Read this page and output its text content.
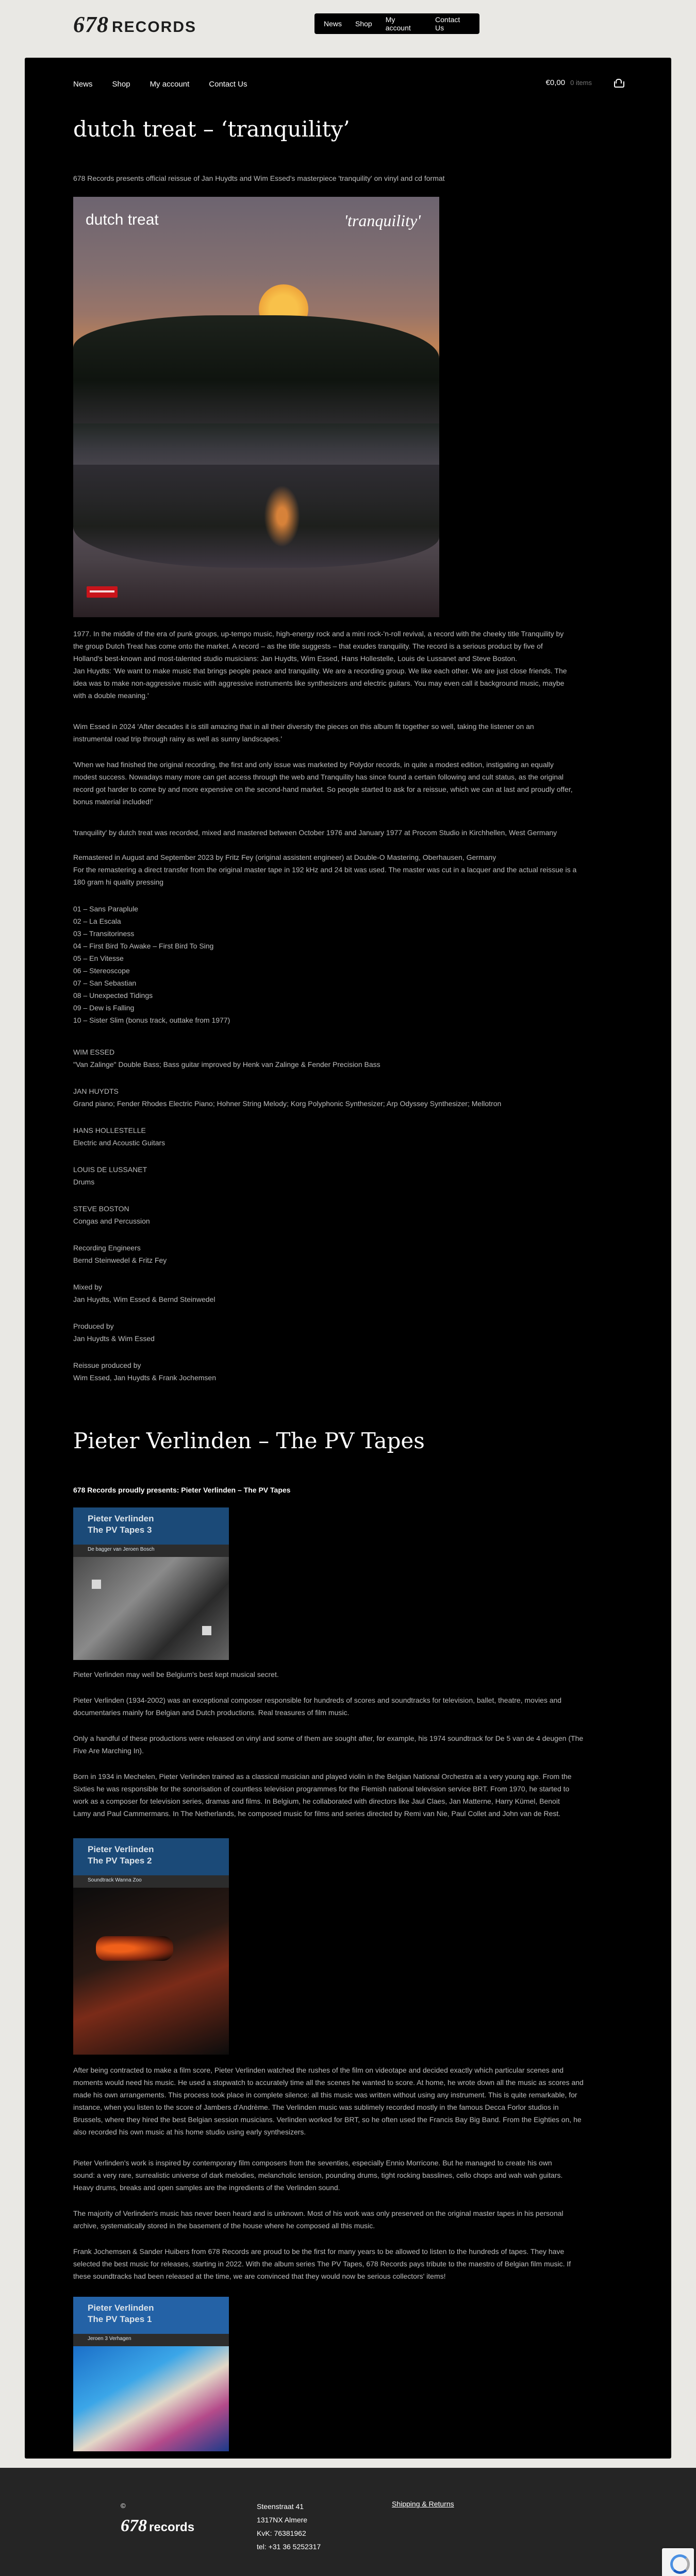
678 RECORDS	News	Shop	My account
Contact Us
News	Shop	My account	Contact Us	€0,00 0 items
dutch treat – ‘tranquility’

678 Records presents official reissue of Jan Huydts and Wim Essed's masterpiece 'tranquility' on vinyl and cd format

dutch treat	'tranquility'
1977. In the middle of the era of punk groups, up-tempo music, high-energy rock and a mini rock-'n-roll revival, a record with the cheeky title Tranquility by
the group Dutch Treat has come onto the market. A record – as the title suggests – that exudes tranquility. The record is a serious product by five of
Holland's best-known and most-talented studio musicians: Jan Huydts, Wim Essed, Hans Hollestelle, Louis de Lussanet and Steve Boston.
Jan Huydts: 'We want to make music that brings people peace and tranquility. We are a recording group. We like each other. We are just close friends. The
idea was to make non-aggressive music with aggressive instruments like synthesizers and electric guitars. You may even call it background music, maybe
with a double meaning.'
Wim Essed in 2024 'After decades it is still amazing that in all their diversity the pieces on this album fit together so well, taking the listener on an
instrumental road trip through rainy as well as sunny landscapes.'
'When we had finished the original recording, the first and only issue was marketed by Polydor records, in quite a modest edition, instigating an equally
modest success. Nowadays many more can get access through the web and Tranquility has since found a certain following and cult status, as the original
record got harder to come by and more expensive on the second-hand market. So people started to ask for a reissue, which we can at last and proudly offer,
bonus material included!'

'tranquility' by dutch treat was recorded, mixed and mastered between October 1976 and January 1977 at Procom Studio in Kirchhellen, West Germany

Remastered in August and September 2023 by Fritz Fey (original assistent engineer) at Double-O Mastering, Oberhausen, Germany
For the remastering a direct transfer from the original master tape in 192 kHz and 24 bit was used. The master was cut in a lacquer and the actual reissue is a
180 gram hi quality pressing
01 – Sans Paraplule
02 – La Escala
03 – Transitoriness
04 – First Bird To Awake – First Bird To Sing
05 – En Vitesse
06 – Stereoscope
07 – San Sebastian
08 – Unexpected Tidings
09 – Dew is Falling
10 – Sister Slim (bonus track, outtake from 1977)
WIM ESSED
"Van Zalinge" Double Bass; Bass guitar improved by Henk van Zalinge & Fender Precision Bass
JAN HUYDTS
Grand piano; Fender Rhodes Electric Piano; Hohner String Melody; Korg Polyphonic Synthesizer; Arp Odyssey Synthesizer; Mellotron
HANS HOLLESTELLE
Electric and Acoustic Guitars
LOUIS DE LUSSANET
Drums
STEVE BOSTON
Congas and Percussion
Recording Engineers
Bernd Steinwedel & Fritz Fey
Mixed by
Jan Huydts, Wim Essed & Bernd Steinwedel
Produced by
Jan Huydts & Wim Essed
Reissue produced by
Wim Essed, Jan Huydts & Frank Jochemsen
Pieter Verlinden – The PV Tapes

678 Records proudly presents: Pieter Verlinden – The PV Tapes

Pieter Verlinden
The PV Tapes 3
De bagger van Jeroen Bosch

Pieter Verlinden may well be Belgium's best kept musical secret.

Pieter Verlinden (1934-2002) was an exceptional composer responsible for hundreds of scores and soundtracks for television, ballet, theatre, movies and
documentaries mainly for Belgian and Dutch productions. Real treasures of film music.
Only a handful of these productions were released on vinyl and some of them are sought after, for example, his 1974 soundtrack for De 5 van de 4 deugen (The
Five Are Marching In).
Born in 1934 in Mechelen, Pieter Verlinden trained as a classical musician and played violin in the Belgian National Orchestra at a very young age. From the
Sixties he was responsible for the sonorisation of countless television programmes for the Flemish national television service BRT. From 1970, he started to
work as a composer for television series, dramas and films. In Belgium, he collaborated with directors like Jaul Claes, Jan Matterne, Harry Kümel, Benoit
Lamy and Paul Cammermans. In The Netherlands, he composed music for films and series directed by Remi van Nie, Paul Collet and John van de Rest.
Pieter Verlinden
The PV Tapes 2
Soundtrack Wanna Zoo
After being contracted to make a film score, Pieter Verlinden watched the rushes of the film on videotape and decided exactly which particular scenes and
moments would need his music. He used a stopwatch to accurately time all the scenes he wanted to score. At home, he wrote down all the music as scores and
made his own arrangements. This process took place in complete silence: all this music was written without using any instrument. This is quite remarkable, for
instance, when you listen to the score of Jambers d'Andrème. The Verlinden music was sublimely recorded mostly in the famous Decca Forlor studios in
Brussels, where they hired the best Belgian session musicians. Verlinden worked for BRT, so he often used the Francis Bay Big Band. From the Eighties on, he
also recorded his own music at his home studio using early synthesizers.
Pieter Verlinden's work is inspired by contemporary film composers from the seventies, especially Ennio Morricone. But he managed to create his own
sound: a very rare, surrealistic universe of dark melodies, melancholic tension, pounding drums, tight rocking basslines, cello chops and wah wah guitars.
Heavy drums, breaks and open samples are the ingredients of the Verlinden sound.
The majority of Verlinden's music has never been heard and is unknown. Most of his work was only preserved on the original master tapes in his personal
archive, systematically stored in the basement of the house where he composed all this music.
Frank Jochemsen & Sander Huibers from 678 Records are proud to be the first for many years to be allowed to listen to the hundreds of tapes. They have
selected the best music for releases, starting in 2022. With the album series The PV Tapes, 678 Records pays tribute to the maestro of Belgian film music. If
these soundtracks had been released at the time, we are convinced that they would now be serious collectors' items!
Pieter Verlinden
The PV Tapes 1
Jeroen 3 Verhagen
©
678 records
Steenstraat 41
1317NX Almere
KvK: 76381962
tel: +31 36 5252317
Shipping & Returns
